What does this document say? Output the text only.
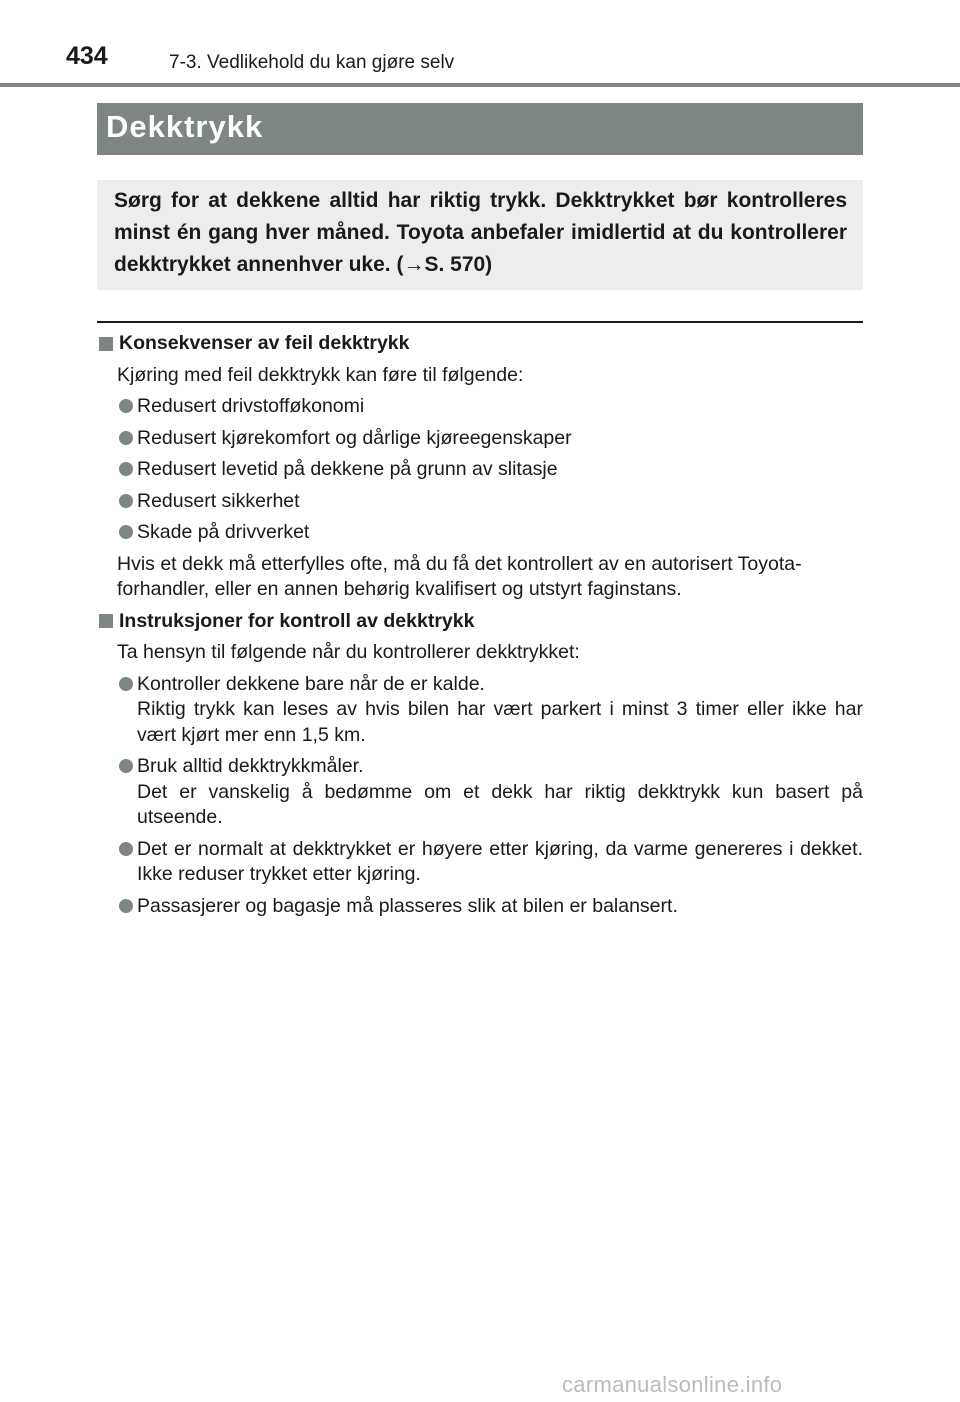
434	7-3. Vedlikehold du kan gjøre selv
Dekktrykk
Sørg for at dekkene alltid har riktig trykk. Dekktrykket bør kontrolleres minst én gang hver måned. Toyota anbefaler imidlertid at du kontrollerer dekktrykket annenhver uke. (→S. 570)
Konsekvenser av feil dekktrykk
Kjøring med feil dekktrykk kan føre til følgende:
Redusert drivstofføkonomi
Redusert kjørekomfort og dårlige kjøreegenskaper
Redusert levetid på dekkene på grunn av slitasje
Redusert sikkerhet
Skade på drivverket
Hvis et dekk må etterfylles ofte, må du få det kontrollert av en autorisert Toyota-forhandler, eller en annen behørig kvalifisert og utstyrt faginstans.
Instruksjoner for kontroll av dekktrykk
Ta hensyn til følgende når du kontrollerer dekktrykket:
Kontroller dekkene bare når de er kalde.
Riktig trykk kan leses av hvis bilen har vært parkert i minst 3 timer eller ikke har vært kjørt mer enn 1,5 km.
Bruk alltid dekktrykkmåler.
Det er vanskelig å bedømme om et dekk har riktig dekktrykk kun basert på utseende.
Det er normalt at dekktrykket er høyere etter kjøring, da varme genereres i dekket. Ikke reduser trykket etter kjøring.
Passasjerer og bagasje må plasseres slik at bilen er balansert.
carmanualsonline.info
